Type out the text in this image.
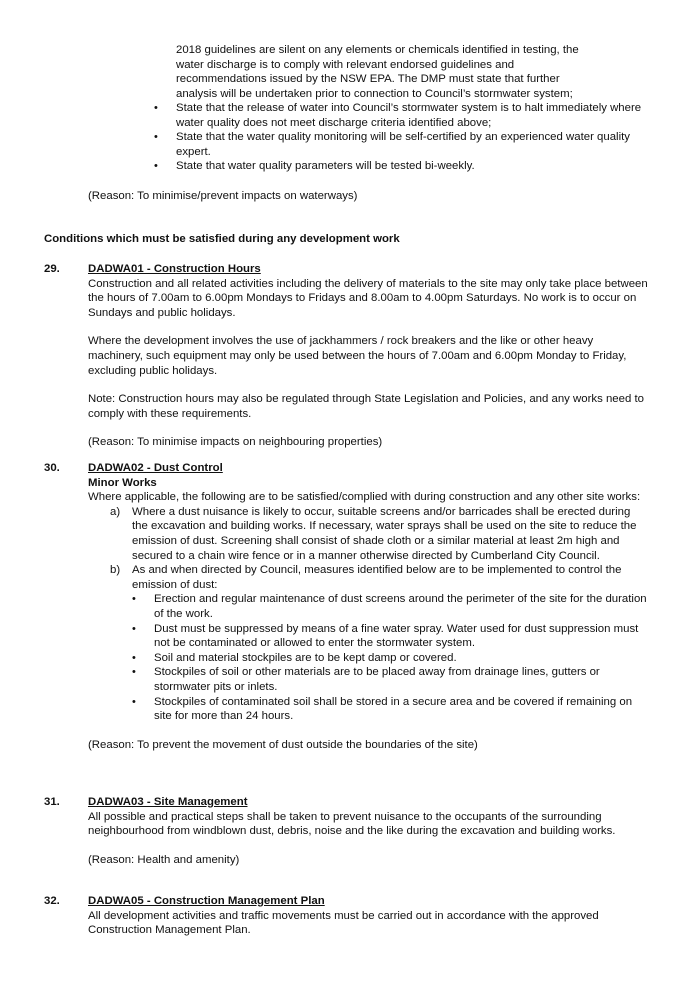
2018 guidelines are silent on any elements or chemicals identified in testing, the

water discharge is to comply with relevant endorsed guidelines and

recommendations issued by the NSW EPA. The DMP must state that further

analysis will be undertaken prior to connection to Council’s stormwater system;

•	State that the release of water into Council’s stormwater system is to halt immediately where water quality does not meet discharge criteria identified above;
•	State that the water quality monitoring will be self-certified by an experienced water quality expert.
•	State that water quality parameters will be tested bi-weekly.

(Reason: To minimise/prevent impacts on waterways)

Conditions which must be satisfied during any development work

29. DADWA01 - Construction Hours

Construction and all related activities including the delivery of materials to the site may only take place between the hours of 7.00am to 6.00pm Mondays to Fridays and 8.00am to 4.00pm Saturdays. No work is to occur on Sundays and public holidays.

Where the development involves the use of jackhammers / rock breakers and the like or other heavy machinery, such equipment may only be used between the hours of 7.00am and 6.00pm Monday to Friday, excluding public holidays.

Note: Construction hours may also be regulated through State Legislation and Policies, and any works need to comply with these requirements.

(Reason: To minimise impacts on neighbouring properties)

30. DADWA02 - Dust Control

Minor Works

Where applicable, the following are to be satisfied/complied with during construction and any other site works:

a) Where a dust nuisance is likely to occur, suitable screens and/or barricades shall be erected during the excavation and building works. If necessary, water sprays shall be used on the site to reduce the emission of dust. Screening shall consist of shade cloth or a similar material at least 2m high and secured to a chain wire fence or in a manner otherwise directed by Cumberland City Council.
b) As and when directed by Council, measures identified below are to be implemented to control the emission of dust:
•	Erection and regular maintenance of dust screens around the perimeter of the site for the duration of the work.
•	Dust must be suppressed by means of a fine water spray. Water used for dust suppression must not be contaminated or allowed to enter the stormwater system.
•	Soil and material stockpiles are to be kept damp or covered.
•	Stockpiles of soil or other materials are to be placed away from drainage lines, gutters or stormwater pits or inlets.
•	Stockpiles of contaminated soil shall be stored in a secure area and be covered if remaining on site for more than 24 hours.

(Reason: To prevent the movement of dust outside the boundaries of the site)

31. DADWA03 - Site Management

All possible and practical steps shall be taken to prevent nuisance to the occupants of the surrounding neighbourhood from windblown dust, debris, noise and the like during the excavation and building works.

(Reason: Health and amenity)

32. DADWA05 - Construction Management Plan

All development activities and traffic movements must be carried out in accordance with the approved Construction Management Plan.
